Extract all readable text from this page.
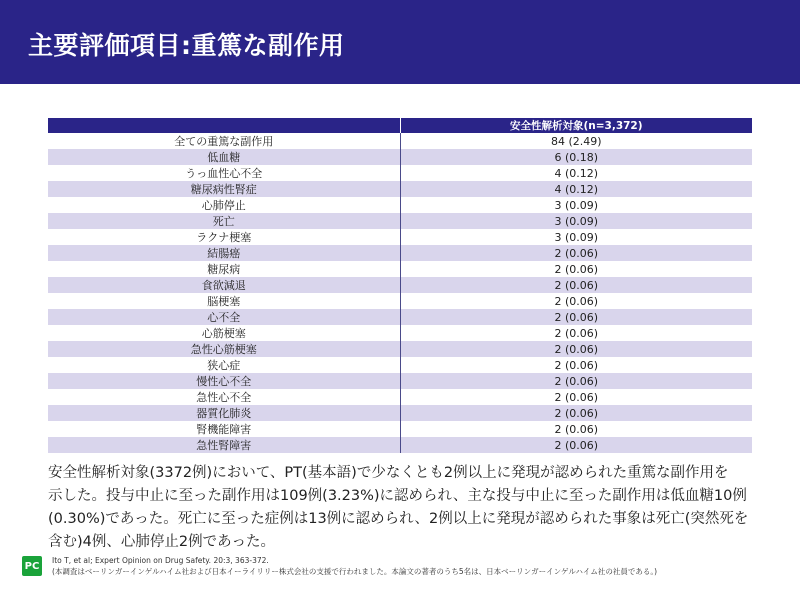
主要評価項目:重篤な副作用
	安全性解析対象(n=3,372)
全ての重篤な副作用	84 (2.49)
低血糖	6 (0.18)
うっ血性心不全	4 (0.12)
糖尿病性腎症	4 (0.12)
心肺停止	3 (0.09)
死亡	3 (0.09)
ラクナ梗塞	3 (0.09)
結腸癌	2 (0.06)
糖尿病	2 (0.06)
食欲減退	2 (0.06)
脳梗塞	2 (0.06)
心不全	2 (0.06)
心筋梗塞	2 (0.06)
急性心筋梗塞	2 (0.06)
狭心症	2 (0.06)
慢性心不全	2 (0.06)
急性心不全	2 (0.06)
器質化肺炎	2 (0.06)
腎機能障害	2 (0.06)
急性腎障害	2 (0.06)
安全性解析対象(3372例)において、PT(基本語)で少なくとも2例以上に発現が認められた重篤な副作用を
示した。投与中止に至った副作用は109例(3.23%)に認められ、主な投与中止に至った副作用は低血糖10例
(0.30%)であった。死亡に至った症例は13例に認められ、2例以上に発現が認められた事象は死亡(突然死を
含む)4例、心肺停止2例であった。
PC Ito T, et al; Expert Opinion on Drug Safety. 20:3, 363-372.
(本調査はベーリンガーインゲルハイム社および日本イーライリリー株式会社の支援で行われました。本論文の著者のうち5名は、日本ベーリンガーインゲルハイム社の社員である。)
